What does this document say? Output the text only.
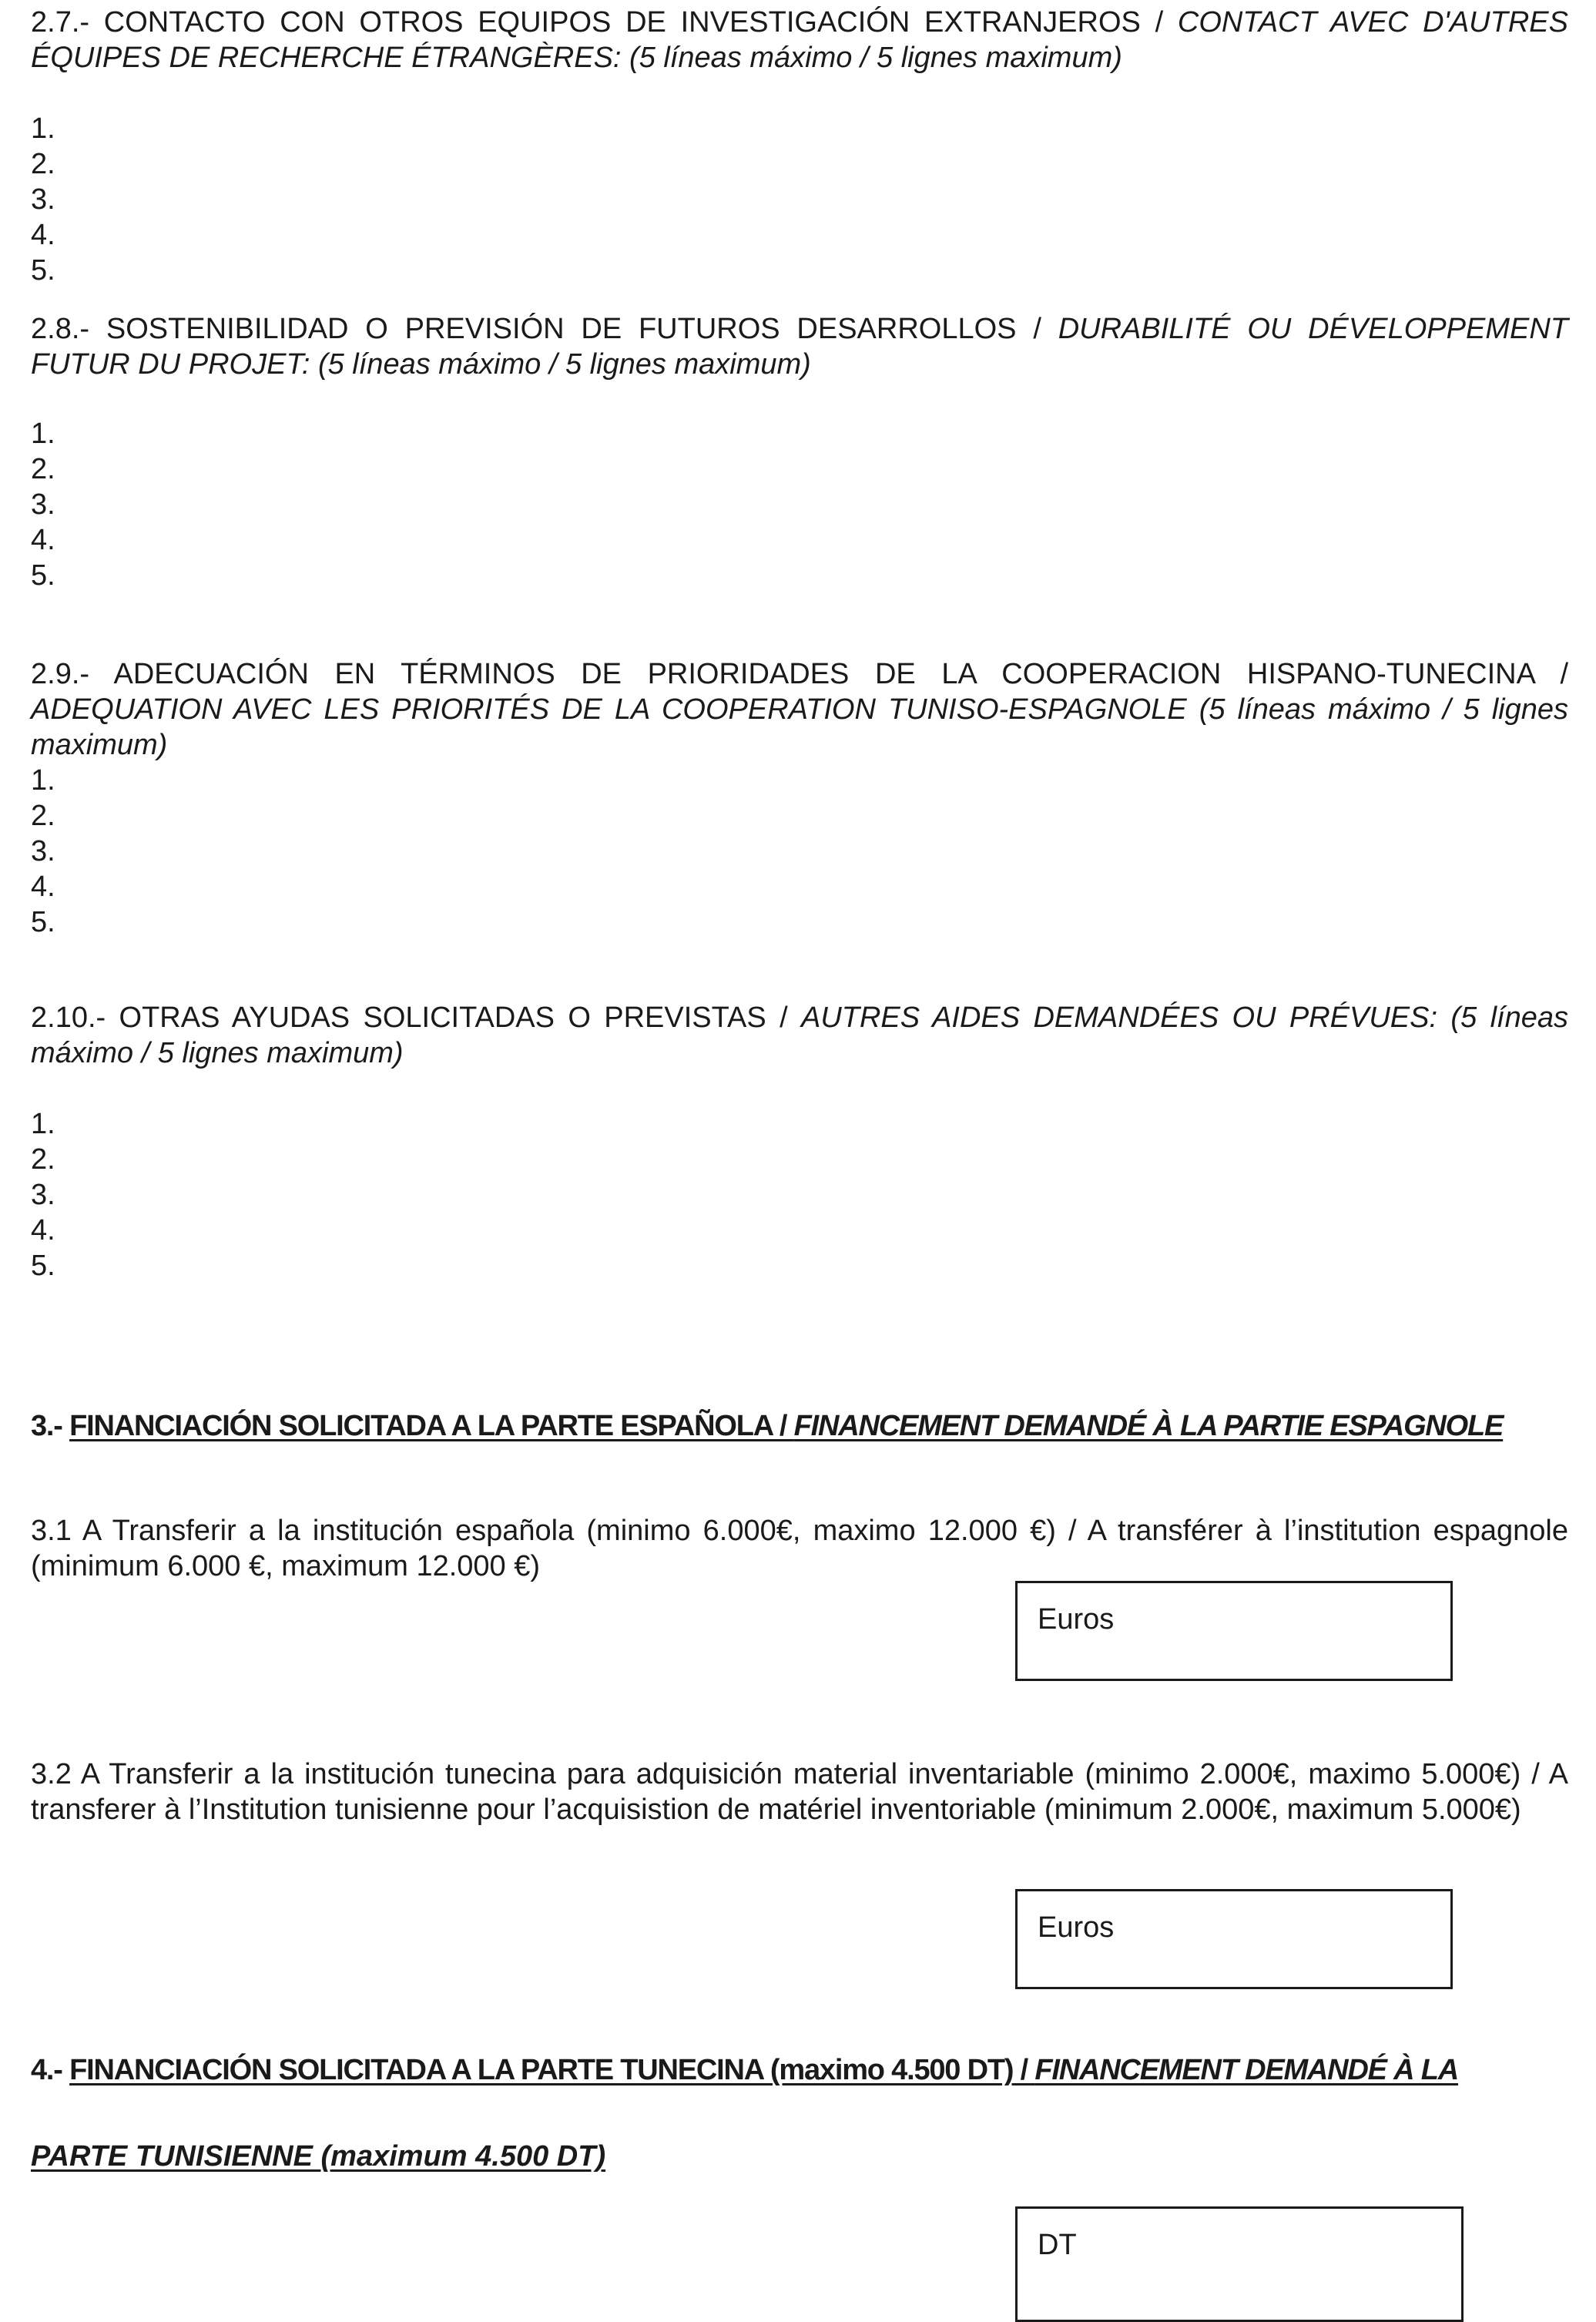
2.7.- CONTACTO CON OTROS EQUIPOS DE INVESTIGACIÓN EXTRANJEROS / CONTACT AVEC D'AUTRES ÉQUIPES DE RECHERCHE ÉTRANGÈRES: (5 líneas máximo / 5 lignes maximum)

1.
2.
3.
4.
5.

2.8.- SOSTENIBILIDAD O PREVISIÓN DE FUTUROS DESARROLLOS / DURABILITÉ OU DÉVELOPPEMENT FUTUR DU PROJET: (5 líneas máximo / 5 lignes maximum)

1.
2.
3.
4.
5.

2.9.- ADECUACIÓN EN TÉRMINOS DE PRIORIDADES DE LA COOPERACION HISPANO-TUNECINA / ADEQUATION AVEC LES PRIORITÉS DE LA COOPERATION TUNISO-ESPAGNOLE (5 líneas máximo / 5 lignes maximum)

1.
2.
3.
4.
5.

2.10.- OTRAS AYUDAS SOLICITADAS O PREVISTAS / AUTRES AIDES DEMANDÉES OU PRÉVUES: (5 líneas máximo / 5 lignes maximum)

1.
2.
3.
4.
5.

3.- FINANCIACIÓN SOLICITADA A LA PARTE ESPAÑOLA / FINANCEMENT DEMANDÉ À LA PARTIE ESPAGNOLE

3.1 A Transferir a la institución española (minimo 6.000€, maximo 12.000 €) / A transférer à l’institution espagnole (minimum 6.000 €, maximum 12.000 €)

Euros

3.2 A Transferir a la institución tunecina para adquisición material inventariable (minimo 2.000€, maximo 5.000€) / A transferer à l’Institution tunisienne pour l’acquisistion de matériel inventoriable (minimum 2.000€, maximum 5.000€)

Euros

4.- FINANCIACIÓN SOLICITADA A LA PARTE TUNECINA (maximo 4.500 DT) / FINANCEMENT DEMANDÉ À LA

PARTE TUNISIENNE (maximum 4.500 DT)

DT
